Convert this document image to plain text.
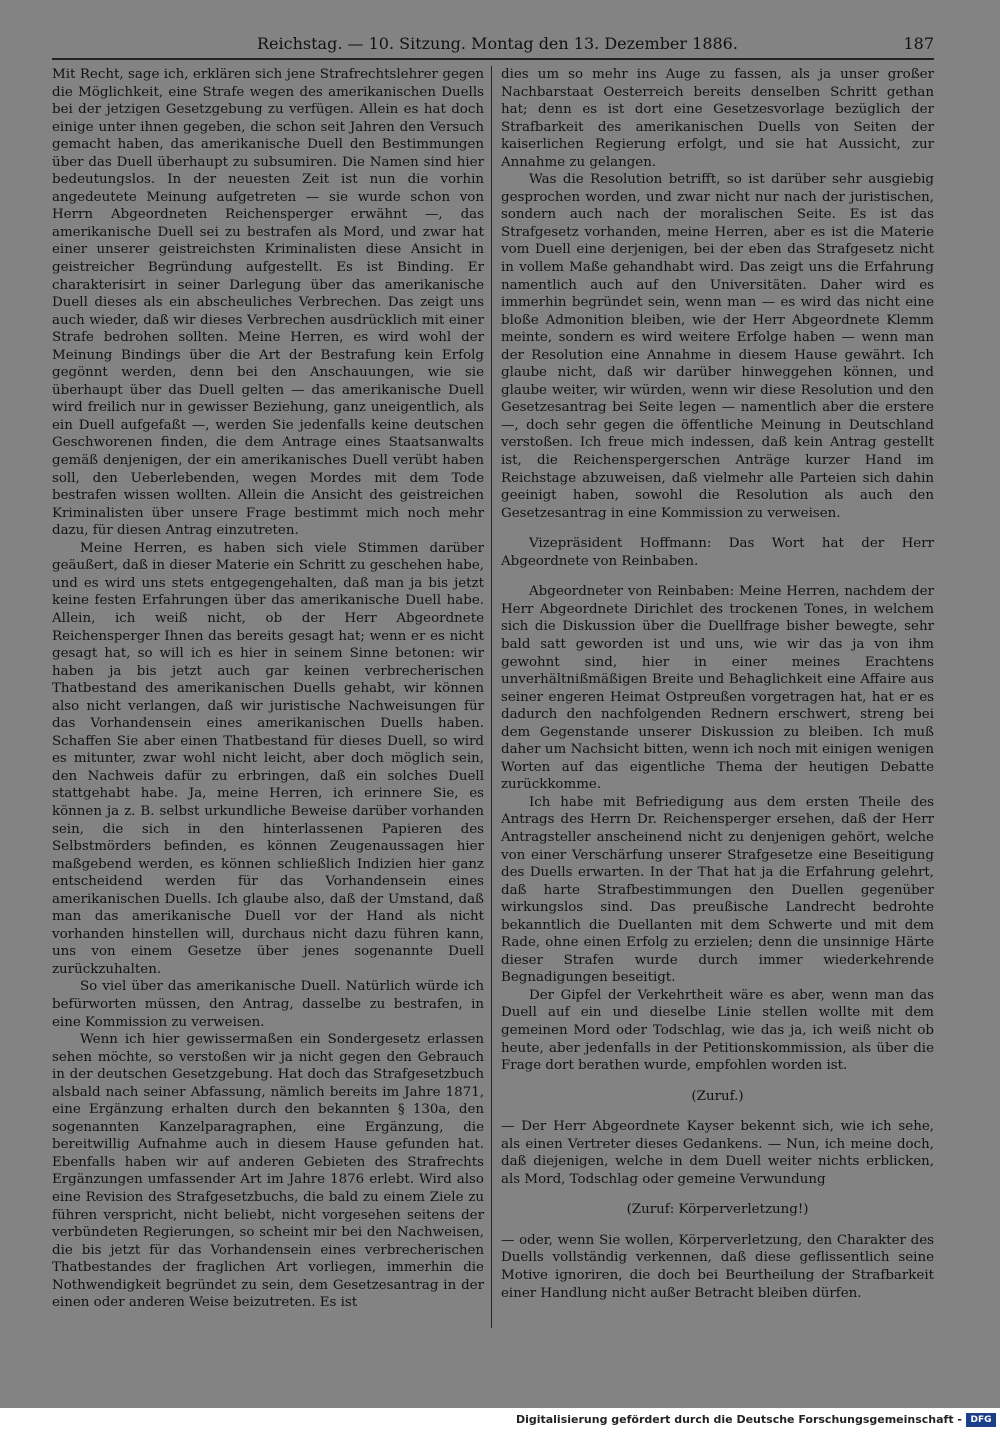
Reichstag. — 10. Sitzung. Montag den 13. Dezember 1886.	187

Mit Recht, sage ich, erklären sich jene Strafrechtslehrer gegen die Möglichkeit, eine Strafe wegen des amerikanischen Duells bei der jetzigen Gesetzgebung zu verfügen. Allein es hat doch einige unter ihnen gegeben, die schon seit Jahren den Versuch gemacht haben, das amerikanische Duell den Bestimmungen über das Duell überhaupt zu subsumiren. Die Namen sind hier bedeutungslos. In der neuesten Zeit ist nun die vorhin angedeutete Meinung aufgetreten — sie wurde schon von Herrn Abgeordneten Reichensperger erwähnt —, das amerikanische Duell sei zu bestrafen als Mord, und zwar hat einer unserer geistreichsten Kriminalisten diese Ansicht in geistreicher Begründung aufgestellt. Es ist Binding. Er charakterisirt in seiner Darlegung über das amerikanische Duell dieses als ein abscheuliches Verbrechen. Das zeigt uns auch wieder, daß wir dieses Verbrechen ausdrücklich mit einer Strafe bedrohen sollten. Meine Herren, es wird wohl der Meinung Bindings über die Art der Bestrafung kein Erfolg gegönnt werden, denn bei den Anschauungen, wie sie überhaupt über das Duell gelten — das amerikanische Duell wird freilich nur in gewisser Beziehung, ganz uneigentlich, als ein Duell aufgefaßt —, werden Sie jedenfalls keine deutschen Geschworenen finden, die dem Antrage eines Staatsanwalts gemäß denjenigen, der ein amerikanisches Duell verübt haben soll, den Ueberlebenden, wegen Mordes mit dem Tode bestrafen wissen wollten. Allein die Ansicht des geistreichen Kriminalisten über unsere Frage bestimmt mich noch mehr dazu, für diesen Antrag einzutreten.

Meine Herren, es haben sich viele Stimmen darüber geäußert, daß in dieser Materie ein Schritt zu geschehen habe, und es wird uns stets entgegengehalten, daß man ja bis jetzt keine festen Erfahrungen über das amerikanische Duell habe. Allein, ich weiß nicht, ob der Herr Abgeordnete Reichensperger Ihnen das bereits gesagt hat; wenn er es nicht gesagt hat, so will ich es hier in seinem Sinne betonen: wir haben ja bis jetzt auch gar keinen verbrecherischen Thatbestand des amerikanischen Duells gehabt, wir können also nicht verlangen, daß wir juristische Nachweisungen für das Vorhandensein eines amerikanischen Duells haben. Schaffen Sie aber einen Thatbestand für dieses Duell, so wird es mitunter, zwar wohl nicht leicht, aber doch möglich sein, den Nachweis dafür zu erbringen, daß ein solches Duell stattgehabt habe. Ja, meine Herren, ich erinnere Sie, es können ja z. B. selbst urkundliche Beweise darüber vorhanden sein, die sich in den hinterlassenen Papieren des Selbstmörders befinden, es können Zeugenaussagen hier maßgebend werden, es können schließlich Indizien hier ganz entscheidend werden für das Vorhandensein eines amerikanischen Duells. Ich glaube also, daß der Umstand, daß man das amerikanische Duell vor der Hand als nicht vorhanden hinstellen will, durchaus nicht dazu führen kann, uns von einem Gesetze über jenes sogenannte Duell zurückzuhalten.

So viel über das amerikanische Duell. Natürlich würde ich befürworten müssen, den Antrag, dasselbe zu bestrafen, in eine Kommission zu verweisen.

Wenn ich hier gewissermaßen ein Sondergesetz erlassen sehen möchte, so verstoßen wir ja nicht gegen den Gebrauch in der deutschen Gesetzgebung. Hat doch das Strafgesetzbuch alsbald nach seiner Abfassung, nämlich bereits im Jahre 1871, eine Ergänzung erhalten durch den bekannten § 130a, den sogenannten Kanzelparagraphen, eine Ergänzung, die bereitwillig Aufnahme auch in diesem Hause gefunden hat. Ebenfalls haben wir auf anderen Gebieten des Strafrechts Ergänzungen umfassender Art im Jahre 1876 erlebt. Wird also eine Revision des Strafgesetzbuchs, die bald zu einem Ziele zu führen verspricht, nicht beliebt, nicht vorgesehen seitens der verbündeten Regierungen, so scheint mir bei den Nachweisen, die bis jetzt für das Vorhandensein eines verbrecherischen Thatbestandes der fraglichen Art vorliegen, immerhin die Nothwendigkeit begründet zu sein, dem Gesetzesantrag in der einen oder anderen Weise beizutreten. Es ist

dies um so mehr ins Auge zu fassen, als ja unser großer Nachbarstaat Oesterreich bereits denselben Schritt gethan hat; denn es ist dort eine Gesetzesvorlage bezüglich der Strafbarkeit des amerikanischen Duells von Seiten der kaiserlichen Regierung erfolgt, und sie hat Aussicht, zur Annahme zu gelangen.

Was die Resolution betrifft, so ist darüber sehr ausgiebig gesprochen worden, und zwar nicht nur nach der juristischen, sondern auch nach der moralischen Seite. Es ist das Strafgesetz vorhanden, meine Herren, aber es ist die Materie vom Duell eine derjenigen, bei der eben das Strafgesetz nicht in vollem Maße gehandhabt wird. Das zeigt uns die Erfahrung namentlich auch auf den Universitäten. Daher wird es immerhin begründet sein, wenn man — es wird das nicht eine bloße Admonition bleiben, wie der Herr Abgeordnete Klemm meinte, sondern es wird weitere Erfolge haben — wenn man der Resolution eine Annahme in diesem Hause gewährt. Ich glaube nicht, daß wir darüber hinweggehen können, und glaube weiter, wir würden, wenn wir diese Resolution und den Gesetzesantrag bei Seite legen — namentlich aber die erstere —, doch sehr gegen die öffentliche Meinung in Deutschland verstoßen. Ich freue mich indessen, daß kein Antrag gestellt ist, die Reichenspergerschen Anträge kurzer Hand im Reichstage abzuweisen, daß vielmehr alle Parteien sich dahin geeinigt haben, sowohl die Resolution als auch den Gesetzesantrag in eine Kommission zu verweisen.

Vizepräsident Hoffmann: Das Wort hat der Herr Abgeordnete von Reinbaben.

Abgeordneter von Reinbaben: Meine Herren, nachdem der Herr Abgeordnete Dirichlet des trockenen Tones, in welchem sich die Diskussion über die Duellfrage bisher bewegte, sehr bald satt geworden ist und uns, wie wir das ja von ihm gewohnt sind, hier in einer meines Erachtens unverhältnißmäßigen Breite und Behaglichkeit eine Affaire aus seiner engeren Heimat Ostpreußen vorgetragen hat, hat er es dadurch den nachfolgenden Rednern erschwert, streng bei dem Gegenstande unserer Diskussion zu bleiben. Ich muß daher um Nachsicht bitten, wenn ich noch mit einigen wenigen Worten auf das eigentliche Thema der heutigen Debatte zurückkomme.

Ich habe mit Befriedigung aus dem ersten Theile des Antrags des Herrn Dr. Reichensperger ersehen, daß der Herr Antragsteller anscheinend nicht zu denjenigen gehört, welche von einer Verschärfung unserer Strafgesetze eine Beseitigung des Duells erwarten. In der That hat ja die Erfahrung gelehrt, daß harte Strafbestimmungen den Duellen gegenüber wirkungslos sind. Das preußische Landrecht bedrohte bekanntlich die Duellanten mit dem Schwerte und mit dem Rade, ohne einen Erfolg zu erzielen; denn die unsinnige Härte dieser Strafen wurde durch immer wiederkehrende Begnadigungen beseitigt.

Der Gipfel der Verkehrtheit wäre es aber, wenn man das Duell auf ein und dieselbe Linie stellen wollte mit dem gemeinen Mord oder Todschlag, wie das ja, ich weiß nicht ob heute, aber jedenfalls in der Petitionskommission, als über die Frage dort berathen wurde, empfohlen worden ist.

(Zuruf.)

— Der Herr Abgeordnete Kayser bekennt sich, wie ich sehe, als einen Vertreter dieses Gedankens. — Nun, ich meine doch, daß diejenigen, welche in dem Duell weiter nichts erblicken, als Mord, Todschlag oder gemeine Verwundung

(Zuruf: Körperverletzung!)

— oder, wenn Sie wollen, Körperverletzung, den Charakter des Duells vollständig verkennen, daß diese geflissentlich seine Motive ignoriren, die doch bei Beurtheilung der Strafbarkeit einer Handlung nicht außer Betracht bleiben dürfen.

Digitalisierung gefördert durch die Deutsche Forschungsgemeinschaft - DFG
